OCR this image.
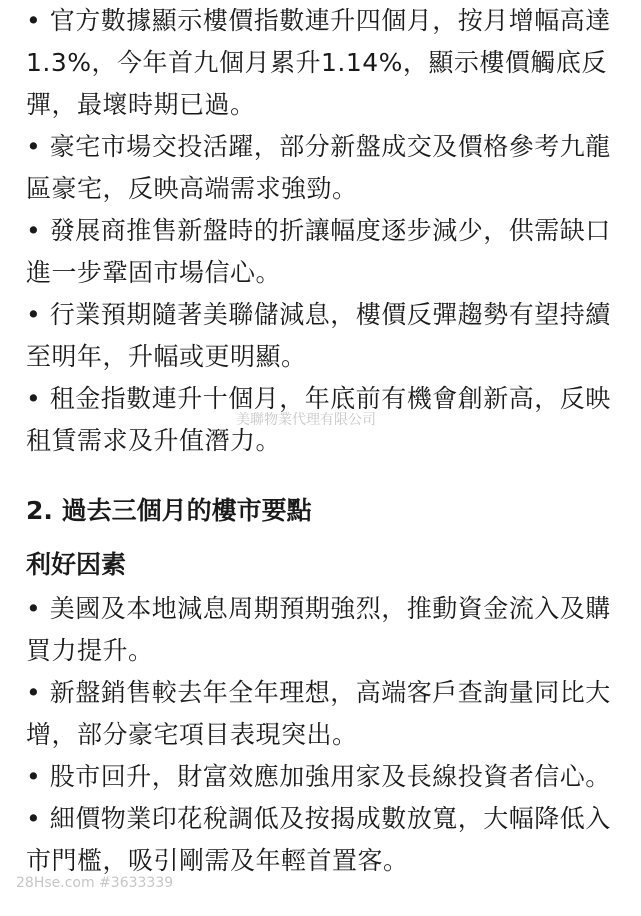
• 官方數據顯示樓價指數連升四個月，按月增幅高達1.3%，今年首九個月累升1.14%，顯示樓價觸底反彈，最壞時期已過。

• 豪宅市場交投活躍，部分新盤成交及價格參考九龍區豪宅，反映高端需求強勁。

• 發展商推售新盤時的折讓幅度逐步減少，供需缺口進一步鞏固市場信心。

• 行業預期隨著美聯儲減息，樓價反彈趨勢有望持續至明年，升幅或更明顯。

• 租金指數連升十個月，年底前有機會創新高，反映租賃需求及升值潛力。

2. 過去三個月的樓市要點
利好因素

• 美國及本地減息周期預期強烈，推動資金流入及購買力提升。

• 新盤銷售較去年全年理想，高端客戶查詢量同比大增，部分豪宅項目表現突出。

• 股市回升，財富效應加強用家及長線投資者信心。

• 細價物業印花稅調低及按揭成數放寬，大幅降低入市門檻，吸引剛需及年輕首置客。

美聯物業代理有限公司
28Hse.com #3633339
